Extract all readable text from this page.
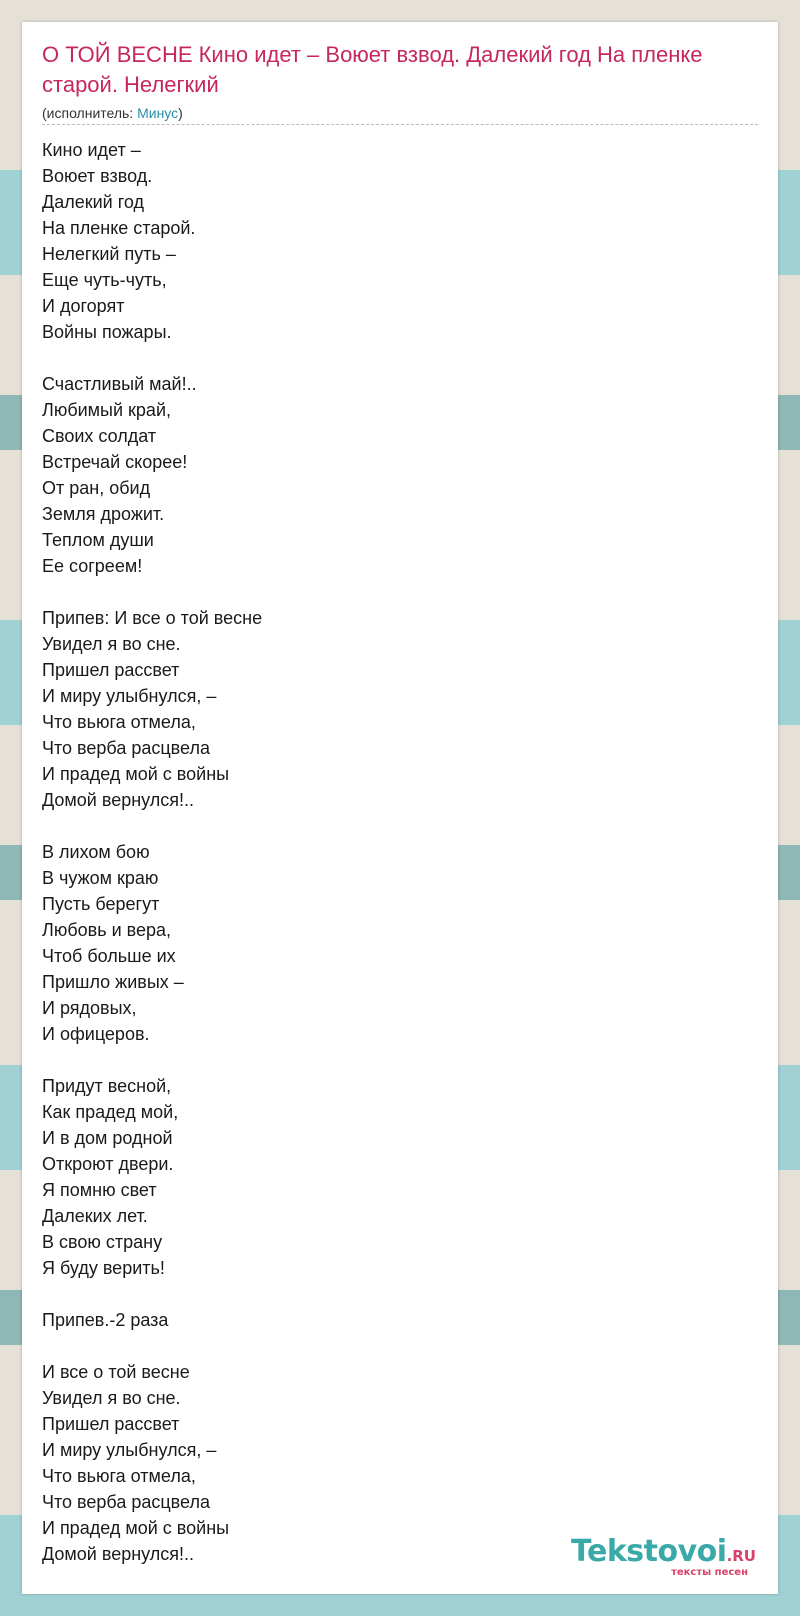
О ТОЙ ВЕСНЕ Кино идет – Воюет взвод. Далекий год На пленке старой. Нелегкий
(исполнитель: Минус)
Кино идет –
Воюет взвод.
Далекий год
На пленке старой.
Нелегкий путь –
Еще чуть-чуть,
И догорят
Войны пожары.
Счастливый май!..
Любимый край,
Своих солдат
Встречай скорее!
От ран, обид
Земля дрожит.
Теплом души
Ее согреем!
Припев: И все о той весне
Увидел я во сне.
Пришел рассвет
И миру улыбнулся, –
Что вьюга отмела,
Что верба расцвела
И прадед мой с войны
Домой вернулся!..
В лихом бою
В чужом краю
Пусть берегут
Любовь и вера,
Чтоб больше их
Пришло живых –
И рядовых,
И офицеров.
Придут весной,
Как прадед мой,
И в дом родной
Откроют двери.
Я помню свет
Далеких лет.
В свою страну
Я буду верить!
Припев.-2 раза
И все о той весне
Увидел я во сне.
Пришел рассвет
И миру улыбнулся, –
Что вьюга отмела,
Что верба расцвела
И прадед мой с войны
Домой вернулся!..	Tekstovoi.RU
тексты песен
